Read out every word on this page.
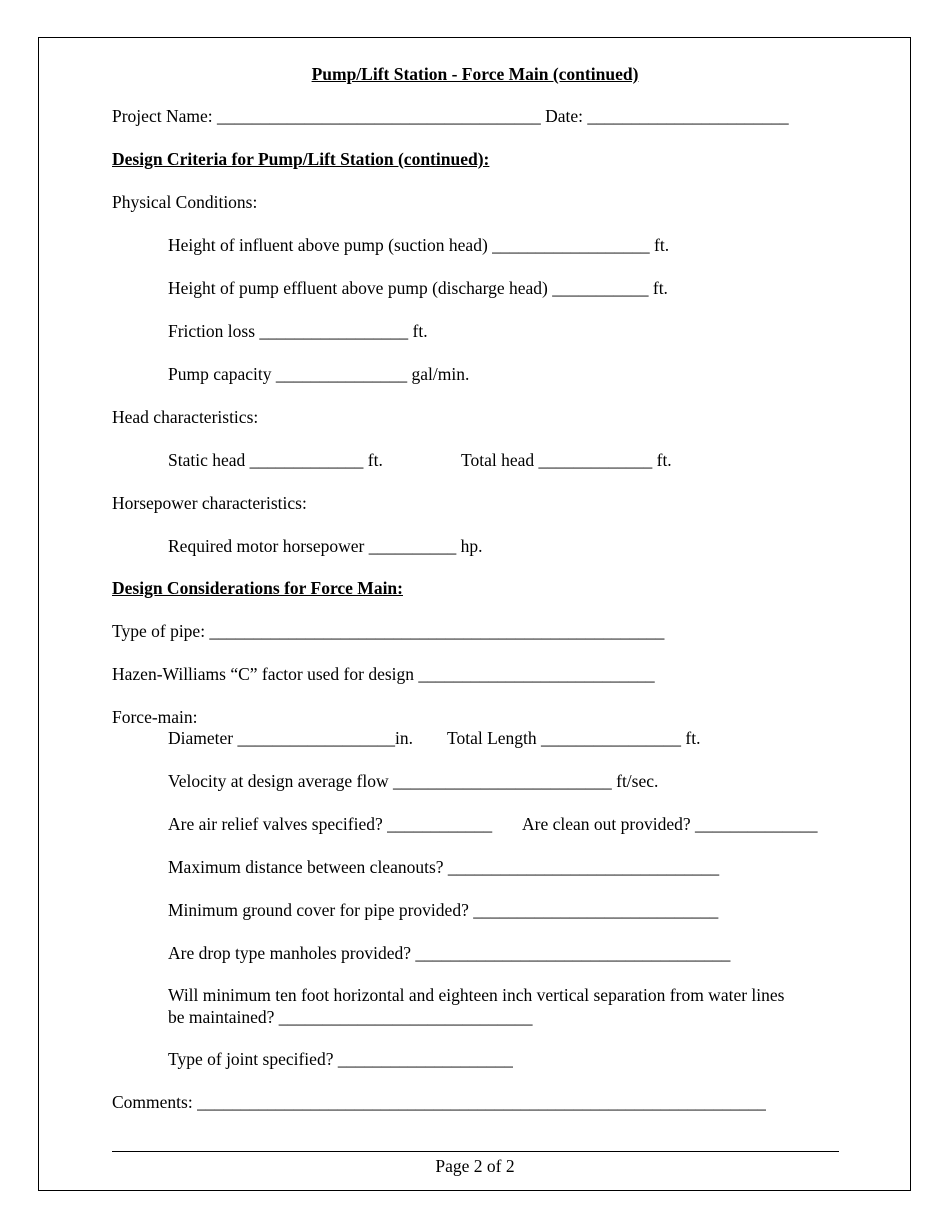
Pump/Lift Station - Force Main (continued)
Project Name: _____________________________________ Date: _______________________
Design Criteria for Pump/Lift Station (continued):
Physical Conditions:
Height of influent above pump (suction head) __________________ ft.
Height of pump effluent above pump (discharge head) ___________ ft.
Friction loss _________________ ft.
Pump capacity _______________ gal/min.
Head characteristics:
Static head _____________ ft.	Total head _____________ ft.
Horsepower characteristics:
Required motor horsepower __________ hp.
Design Considerations for Force Main:
Type of pipe: ____________________________________________________
Hazen-Williams “C” factor used for design ___________________________
Force-main:
Diameter __________________in. Total Length ________________ ft.
Velocity at design average flow _________________________ ft/sec.
Are air relief valves specified? ____________ Are clean out provided? ______________
Maximum distance between cleanouts? _______________________________
Minimum ground cover for pipe provided? ____________________________
Are drop type manholes provided? ____________________________________
Will minimum ten foot horizontal and eighteen inch vertical separation from water lines
be maintained? _____________________________
Type of joint specified? ____________________
Comments: _________________________________________________________________
Page 2 of 2
